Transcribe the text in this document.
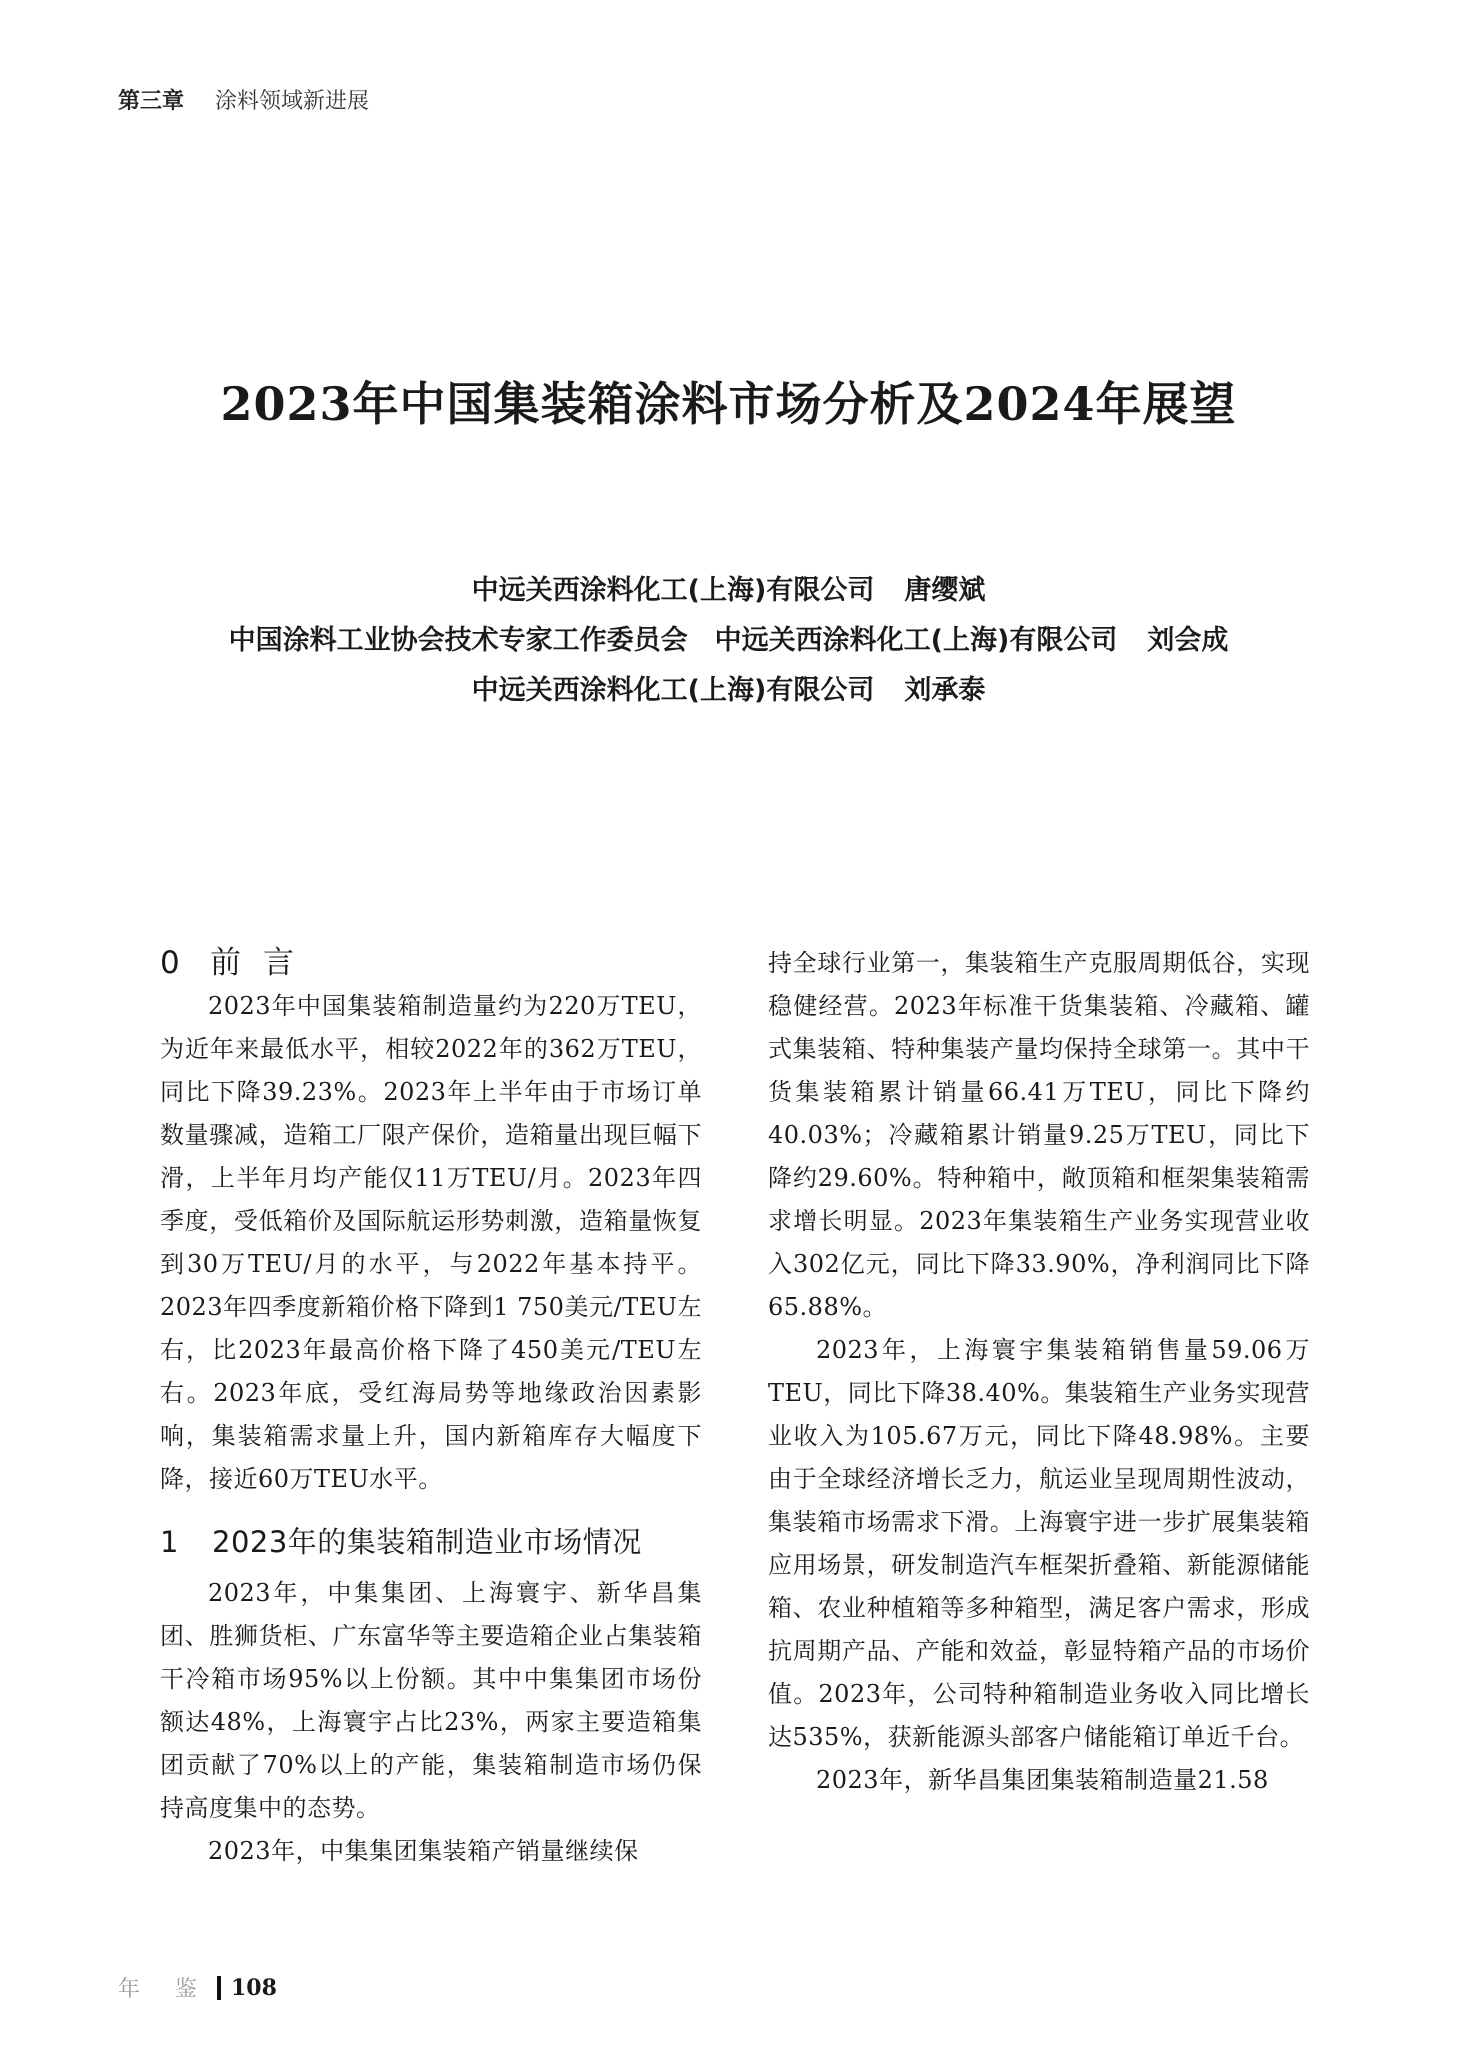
第三章 涂料领域新进展
2023年中国集装箱涂料市场分析及2024年展望
中远关西涂料化工(上海)有限公司 唐缨斌
中国涂料工业协会技术专家工作委员会　中远关西涂料化工(上海)有限公司 刘会成
中远关西涂料化工(上海)有限公司 刘承泰
0 前言

2023年中国集装箱制造量约为220万TEU，为近年来最低水平，相较2022年的362万TEU，同比下降39.23%。2023年上半年由于市场订单数量骤减，造箱工厂限产保价，造箱量出现巨幅下滑，上半年月均产能仅11万TEU/月。2023年四季度，受低箱价及国际航运形势刺激，造箱量恢复到30万TEU/月的水平，与2022年基本持平。2023年四季度新箱价格下降到1 750美元/TEU左右，比2023年最高价格下降了450美元/TEU左右。2023年底，受红海局势等地缘政治因素影响，集装箱需求量上升，国内新箱库存大幅度下降，接近60万TEU水平。

1	2023年的集装箱制造业市场情况

2023年，中集集团、上海寰宇、新华昌集团、胜狮货柜、广东富华等主要造箱企业占集装箱干冷箱市场95%以上份额。其中中集集团市场份额达48%，上海寰宇占比23%，两家主要造箱集团贡献了70%以上的产能，集装箱制造市场仍保持高度集中的态势。

2023年，中集集团集装箱产销量继续保

持全球行业第一，集装箱生产克服周期低谷，实现稳健经营。2023年标准干货集装箱、冷藏箱、罐式集装箱、特种集装产量均保持全球第一。其中干货集装箱累计销量66.41万TEU，同比下降约40.03%；冷藏箱累计销量9.25万TEU，同比下降约29.60%。特种箱中，敞顶箱和框架集装箱需求增长明显。2023年集装箱生产业务实现营业收入302亿元，同比下降33.90%，净利润同比下降65.88%。

2023年，上海寰宇集装箱销售量59.06万TEU，同比下降38.40%。集装箱生产业务实现营业收入为105.67万元，同比下降48.98%。主要由于全球经济增长乏力，航运业呈现周期性波动，集装箱市场需求下滑。上海寰宇进一步扩展集装箱应用场景，研发制造汽车框架折叠箱、新能源储能箱、农业种植箱等多种箱型，满足客户需求，形成抗周期产品、产能和效益，彰显特箱产品的市场价值。2023年，公司特种箱制造业务收入同比增长达535%，获新能源头部客户储能箱订单近千台。

2023年，新华昌集团集装箱制造量21.58

年 鉴 108
